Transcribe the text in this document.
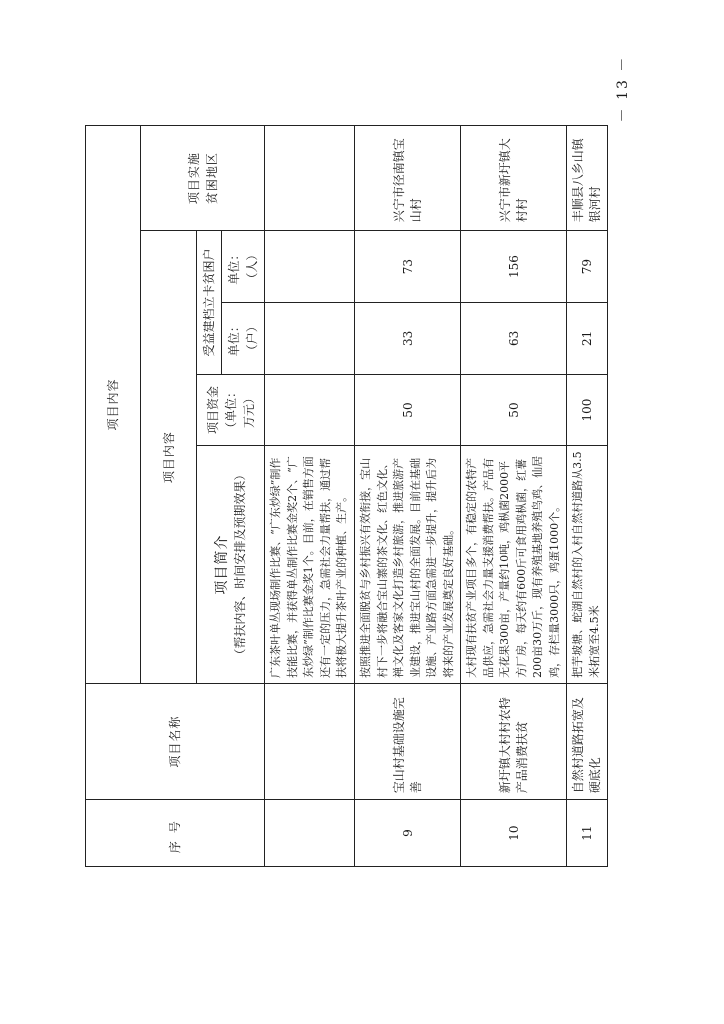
序号	项目名称	项目内容				
		项目内容				项目实施 贫困地区

		项目简介 （帮扶内容、时间安排及预期效果）	项目资金 （单位： 万元）	受益建档立卡贫困户		

				单位： （户）	单位： （人）	

		广东茶叶单丛现场制作比赛、“广东炒绿”制作技能比赛，并获得单丛制作比赛金奖2个、“广东炒绿”制作比赛金奖1个。目前，在销售方面还有一定的压力，急需社会力量帮扶，通过帮扶将极大提升茶叶产业的种植、生产。				
9	宝山村基础设施完善	按照推进全面脱贫与乡村振兴有效衔接，宝山村下一步将融合宝山寨的茶文化、红色文化、禅文化及客家文化打造乡村旅游，推进旅游产业建设，推进宝山村的全面发展。目前在基础设施、产业路方面急需进一步提升，提升后为将来的产业发展奠定良好基础。	50	33	73	兴宁市径南镇宝山村
10	新圩镇大村村农特产品消费扶贫	大村现有扶贫产业项目多个，有稳定的农特产品供应，急需社会力量支援消费帮扶。产品有无花果300亩，产量约10吨，鸡枞菌2000平方厂房，每天约有600斤可食用鸡枞菌，红薯200亩30万斤，现有养殖基地养殖鸟鸡、仙居鸡，存栏量3000只，鸡蛋1000个。	50	63	156	兴宁市新圩镇大村村
11	自然村道路拓宽及硬底化	把芋坡塘、蛇湖自然村的入村自然村道路从3.5米拓宽至4.5米	100	21	79	丰顺县八乡山镇银河村
－ 13 －
